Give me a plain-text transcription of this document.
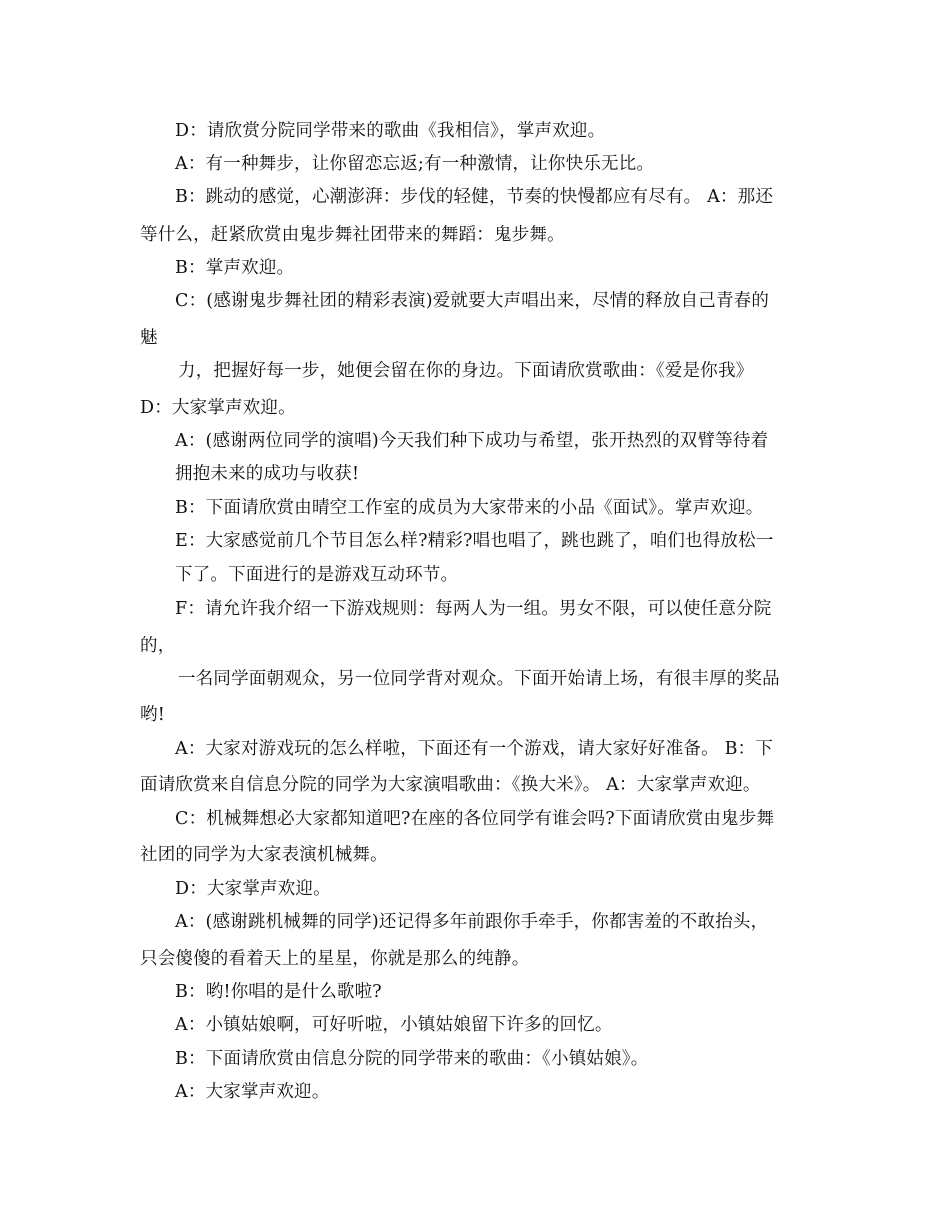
D：请欣赏分院同学带来的歌曲《我相信》，掌声欢迎。
A：有一种舞步，让你留恋忘返;有一种激情，让你快乐无比。
B：跳动的感觉，心潮澎湃：步伐的轻健，节奏的快慢都应有尽有。 A：那还
等什么，赶紧欣赏由鬼步舞社团带来的舞蹈：鬼步舞。
B：掌声欢迎。
C：(感谢鬼步舞社团的精彩表演)爱就要大声唱出来，尽情的释放自己青春的
魅
力，把握好每一步，她便会留在你的身边。下面请欣赏歌曲：《爱是你我》
D：大家掌声欢迎。
A：(感谢两位同学的演唱)今天我们种下成功与希望，张开热烈的双臂等待着
拥抱未来的成功与收获!
B：下面请欣赏由晴空工作室的成员为大家带来的小品《面试》。掌声欢迎。
E：大家感觉前几个节目怎么样?精彩?唱也唱了，跳也跳了，咱们也得放松一
下了。下面进行的是游戏互动环节。
F：请允许我介绍一下游戏规则：每两人为一组。男女不限，可以使任意分院
的，
一名同学面朝观众，另一位同学背对观众。下面开始请上场，有很丰厚的奖品
哟!
A：大家对游戏玩的怎么样啦，下面还有一个游戏，请大家好好准备。 B：下
面请欣赏来自信息分院的同学为大家演唱歌曲：《换大米》。 A：大家掌声欢迎。
C：机械舞想必大家都知道吧?在座的各位同学有谁会吗?下面请欣赏由鬼步舞
社团的同学为大家表演机械舞。
D：大家掌声欢迎。
A：(感谢跳机械舞的同学)还记得多年前跟你手牵手，你都害羞的不敢抬头，
只会傻傻的看着天上的星星，你就是那么的纯静。
B：哟!你唱的是什么歌啦?
A：小镇姑娘啊，可好听啦，小镇姑娘留下许多的回忆。
B：下面请欣赏由信息分院的同学带来的歌曲：《小镇姑娘》。
A：大家掌声欢迎。
